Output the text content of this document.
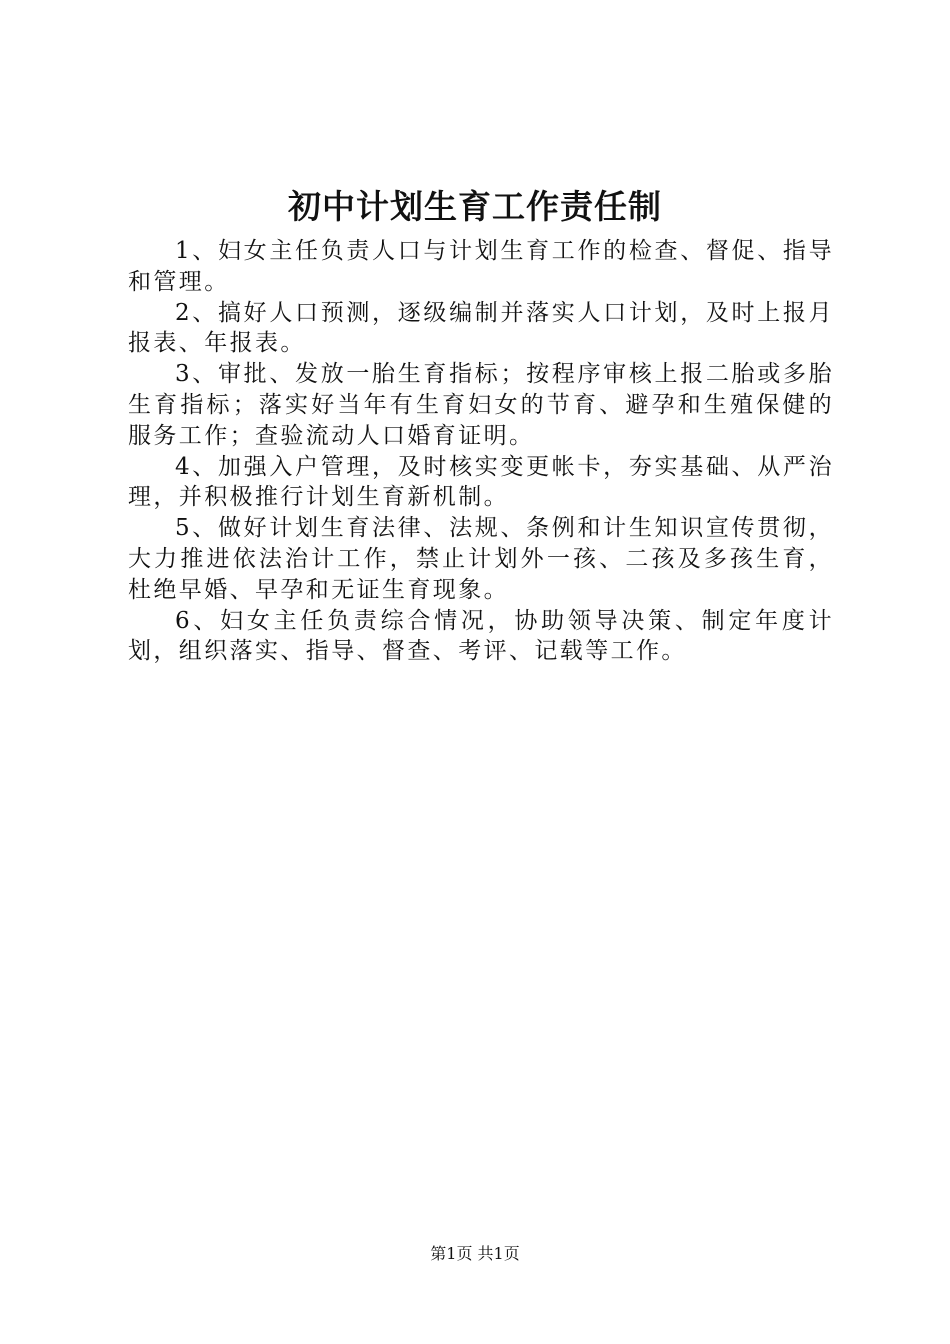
初中计划生育工作责任制

1、妇女主任负责人口与计划生育工作的检查、督促、指导和管理。

2、搞好人口预测，逐级编制并落实人口计划，及时上报月报表、年报表。

3、审批、发放一胎生育指标；按程序审核上报二胎或多胎生育指标；落实好当年有生育妇女的节育、避孕和生殖保健的服务工作；查验流动人口婚育证明。

4、加强入户管理，及时核实变更帐卡，夯实基础、从严治理，并积极推行计划生育新机制。

5、做好计划生育法律、法规、条例和计生知识宣传贯彻，大力推进依法治计工作，禁止计划外一孩、二孩及多孩生育，杜绝早婚、早孕和无证生育现象。

6、妇女主任负责综合情况，协助领导决策、制定年度计划，组织落实、指导、督查、考评、记载等工作。

第1页 共1页
